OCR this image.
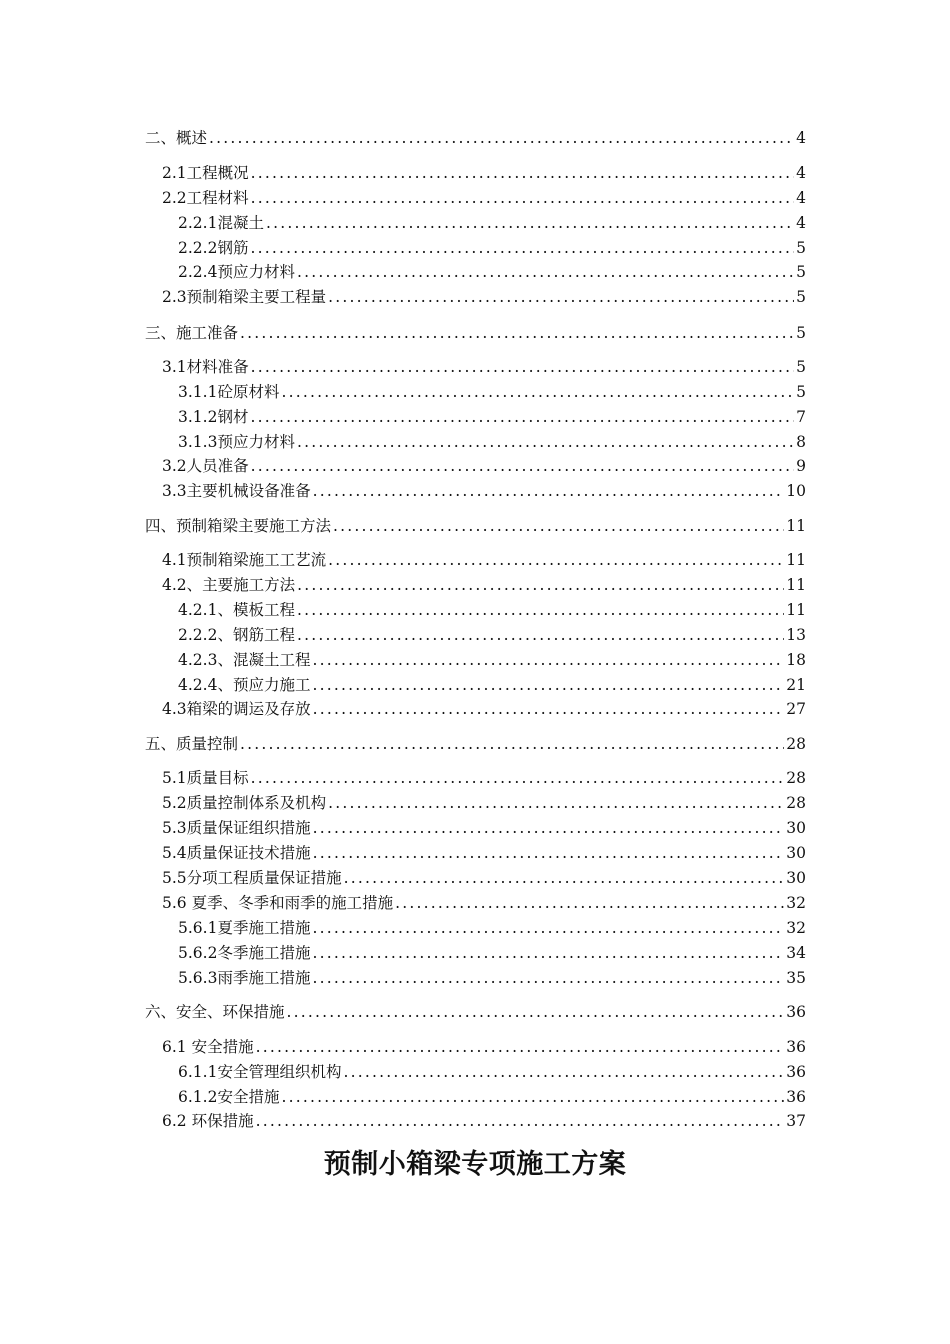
二、概述 .....	4
2.1工程概况 .....	4
2.2工程材料 .....	4
2.2.1混凝土 .....	4
2.2.2钢筋 .....	5
2.2.4预应力材料 .....	5
2.3预制箱梁主要工程量 .....	5
三、施工准备 .....	5
3.1材料准备 .....	5
3.1.1砼原材料 .....	5
3.1.2钢材 .....	7
3.1.3预应力材料 .....	8
3.2人员准备 .....	9
3.3主要机械设备准备 .....	10
四、预制箱梁主要施工方法 .....	11
4.1预制箱梁施工工艺流 .....	11
4.2、主要施工方法 .....	11
4.2.1、模板工程 .....	11
2.2.2、钢筋工程 .....	13
4.2.3、混凝土工程 .....	18
4.2.4、预应力施工 .....	21
4.3箱梁的调运及存放 .....	27
五、质量控制 .....	28
5.1质量目标 .....	28
5.2质量控制体系及机构 .....	28
5.3质量保证组织措施 .....	30
5.4质量保证技术措施 .....	30
5.5分项工程质量保证措施 .....	30
5.6 夏季、冬季和雨季的施工措施 .....	32
5.6.1夏季施工措施 .....	32
5.6.2冬季施工措施 .....	34
5.6.3雨季施工措施 .....	35
六、安全、环保措施 .....	36
6.1 安全措施 .....	36
6.1.1安全管理组织机构 .....	36
6.1.2安全措施 .....	36
6.2 环保措施 .....	37
预制小箱梁专项施工方案
